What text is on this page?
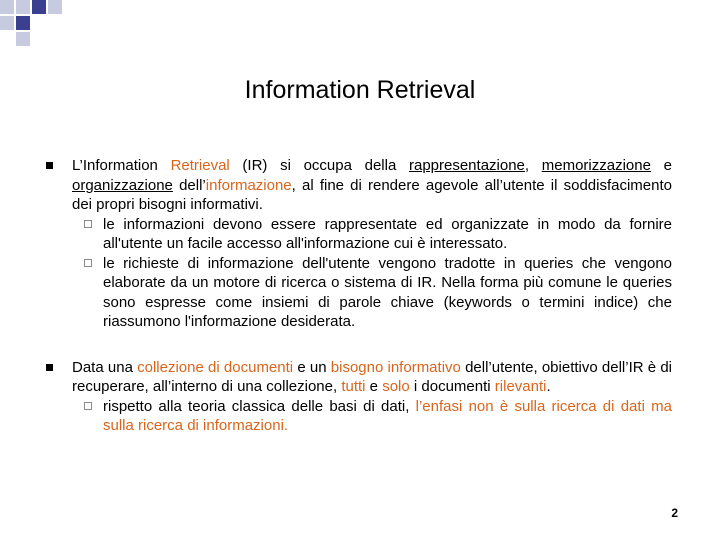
Information Retrieval
L’Information Retrieval (IR) si occupa della rappresentazione, memorizzazione e organizzazione dell’informazione, al fine di rendere agevole all’utente il soddisfacimento dei propri bisogni informativi.
le informazioni devono essere rappresentate ed organizzate in modo da fornire all'utente un facile accesso all'informazione cui è interessato.
le richieste di informazione dell'utente vengono tradotte in queries che vengono elaborate da un motore di ricerca o sistema di IR. Nella forma più comune le queries sono espresse come insiemi di parole chiave (keywords o termini indice) che riassumono l'informazione desiderata.
Data una collezione di documenti e un bisogno informativo dell’utente, obiettivo dell’IR è di recuperare, all’interno di una collezione, tutti e solo i documenti rilevanti.
rispetto alla teoria classica delle basi di dati, l’enfasi non è sulla ricerca di dati ma sulla ricerca di informazioni.
2
